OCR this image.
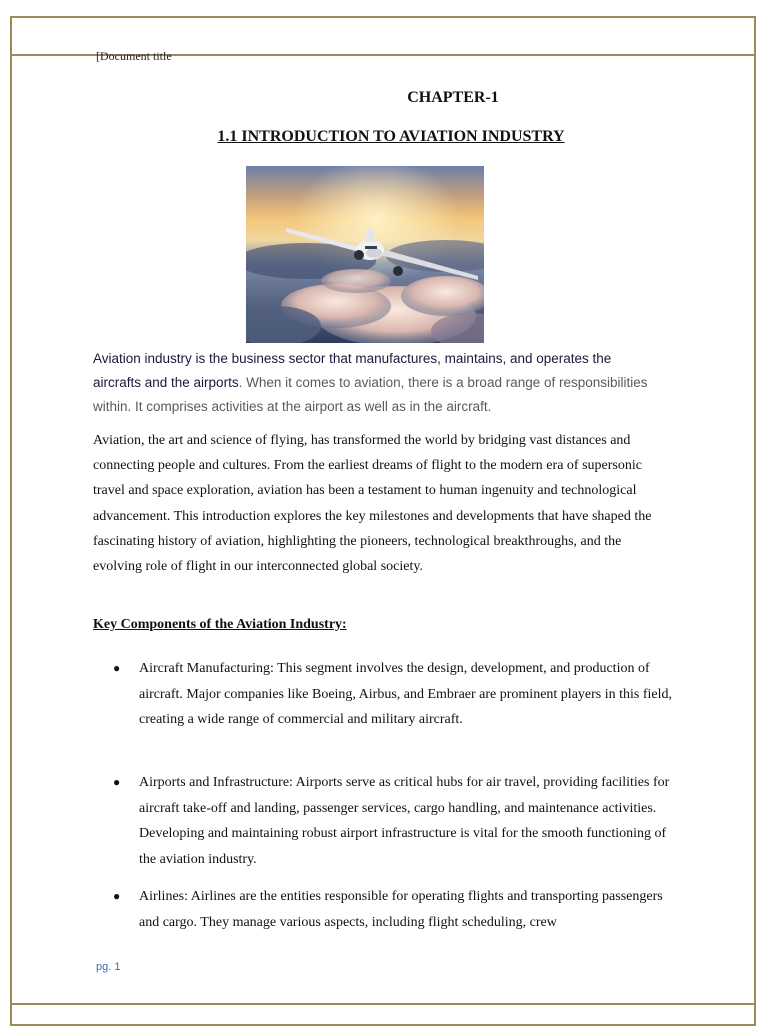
[Document title
CHAPTER-1
1.1 INTRODUCTION TO AVIATION INDUSTRY
Aviation industry is the business sector that manufactures, maintains, and operates the aircrafts and the airports. When it comes to aviation, there is a broad range of responsibilities within. It comprises activities at the airport as well as in the aircraft.
Aviation, the art and science of flying, has transformed the world by bridging vast distances and connecting people and cultures. From the earliest dreams of flight to the modern era of supersonic travel and space exploration, aviation has been a testament to human ingenuity and technological advancement. This introduction explores the key milestones and developments that have shaped the fascinating history of aviation, highlighting the pioneers, technological breakthroughs, and the evolving role of flight in our interconnected global society.
Key Components of the Aviation Industry:
● Aircraft Manufacturing: This segment involves the design, development, and production of aircraft. Major companies like Boeing, Airbus, and Embraer are prominent players in this field, creating a wide range of commercial and military aircraft.
● Airports and Infrastructure: Airports serve as critical hubs for air travel, providing facilities for aircraft take-off and landing, passenger services, cargo handling, and maintenance activities. Developing and maintaining robust airport infrastructure is vital for the smooth functioning of the aviation industry.
● Airlines: Airlines are the entities responsible for operating flights and transporting passengers and cargo. They manage various aspects, including flight scheduling, crew
pg. 1
